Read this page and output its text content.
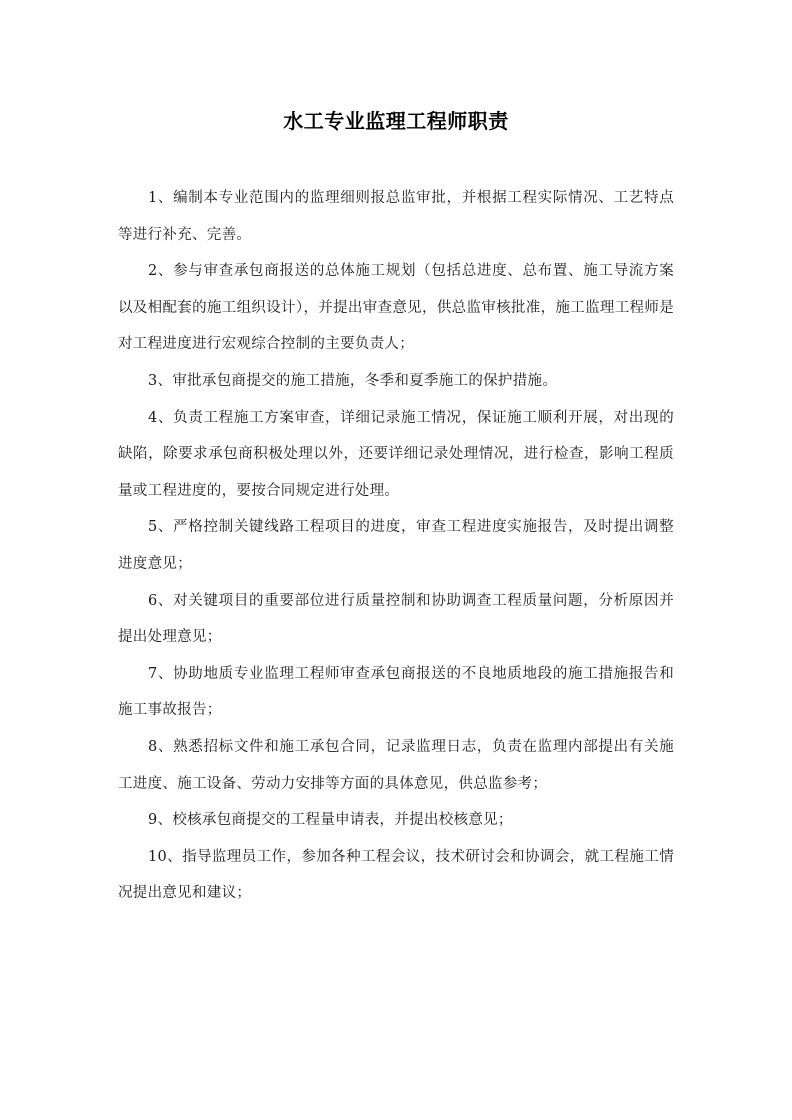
水工专业监理工程师职责

1、编制本专业范围内的监理细则报总监审批，并根据工程实际情况、工艺特点等进行补充、完善。

2、参与审查承包商报送的总体施工规划（包括总进度、总布置、施工导流方案以及相配套的施工组织设计），并提出审查意见，供总监审核批准，施工监理工程师是对工程进度进行宏观综合控制的主要负责人；

3、审批承包商提交的施工措施，冬季和夏季施工的保护措施。

4、负责工程施工方案审查，详细记录施工情况，保证施工顺利开展，对出现的缺陷，除要求承包商积极处理以外，还要详细记录处理情况，进行检查，影响工程质量或工程进度的，要按合同规定进行处理。

5、严格控制关键线路工程项目的进度，审查工程进度实施报告，及时提出调整进度意见；

6、对关键项目的重要部位进行质量控制和协助调查工程质量问题，分析原因并提出处理意见；

7、协助地质专业监理工程师审查承包商报送的不良地质地段的施工措施报告和施工事故报告；

8、熟悉招标文件和施工承包合同，记录监理日志，负责在监理内部提出有关施工进度、施工设备、劳动力安排等方面的具体意见，供总监参考；

9、校核承包商提交的工程量申请表，并提出校核意见；

10、指导监理员工作，参加各种工程会议，技术研讨会和协调会，就工程施工情况提出意见和建议；
